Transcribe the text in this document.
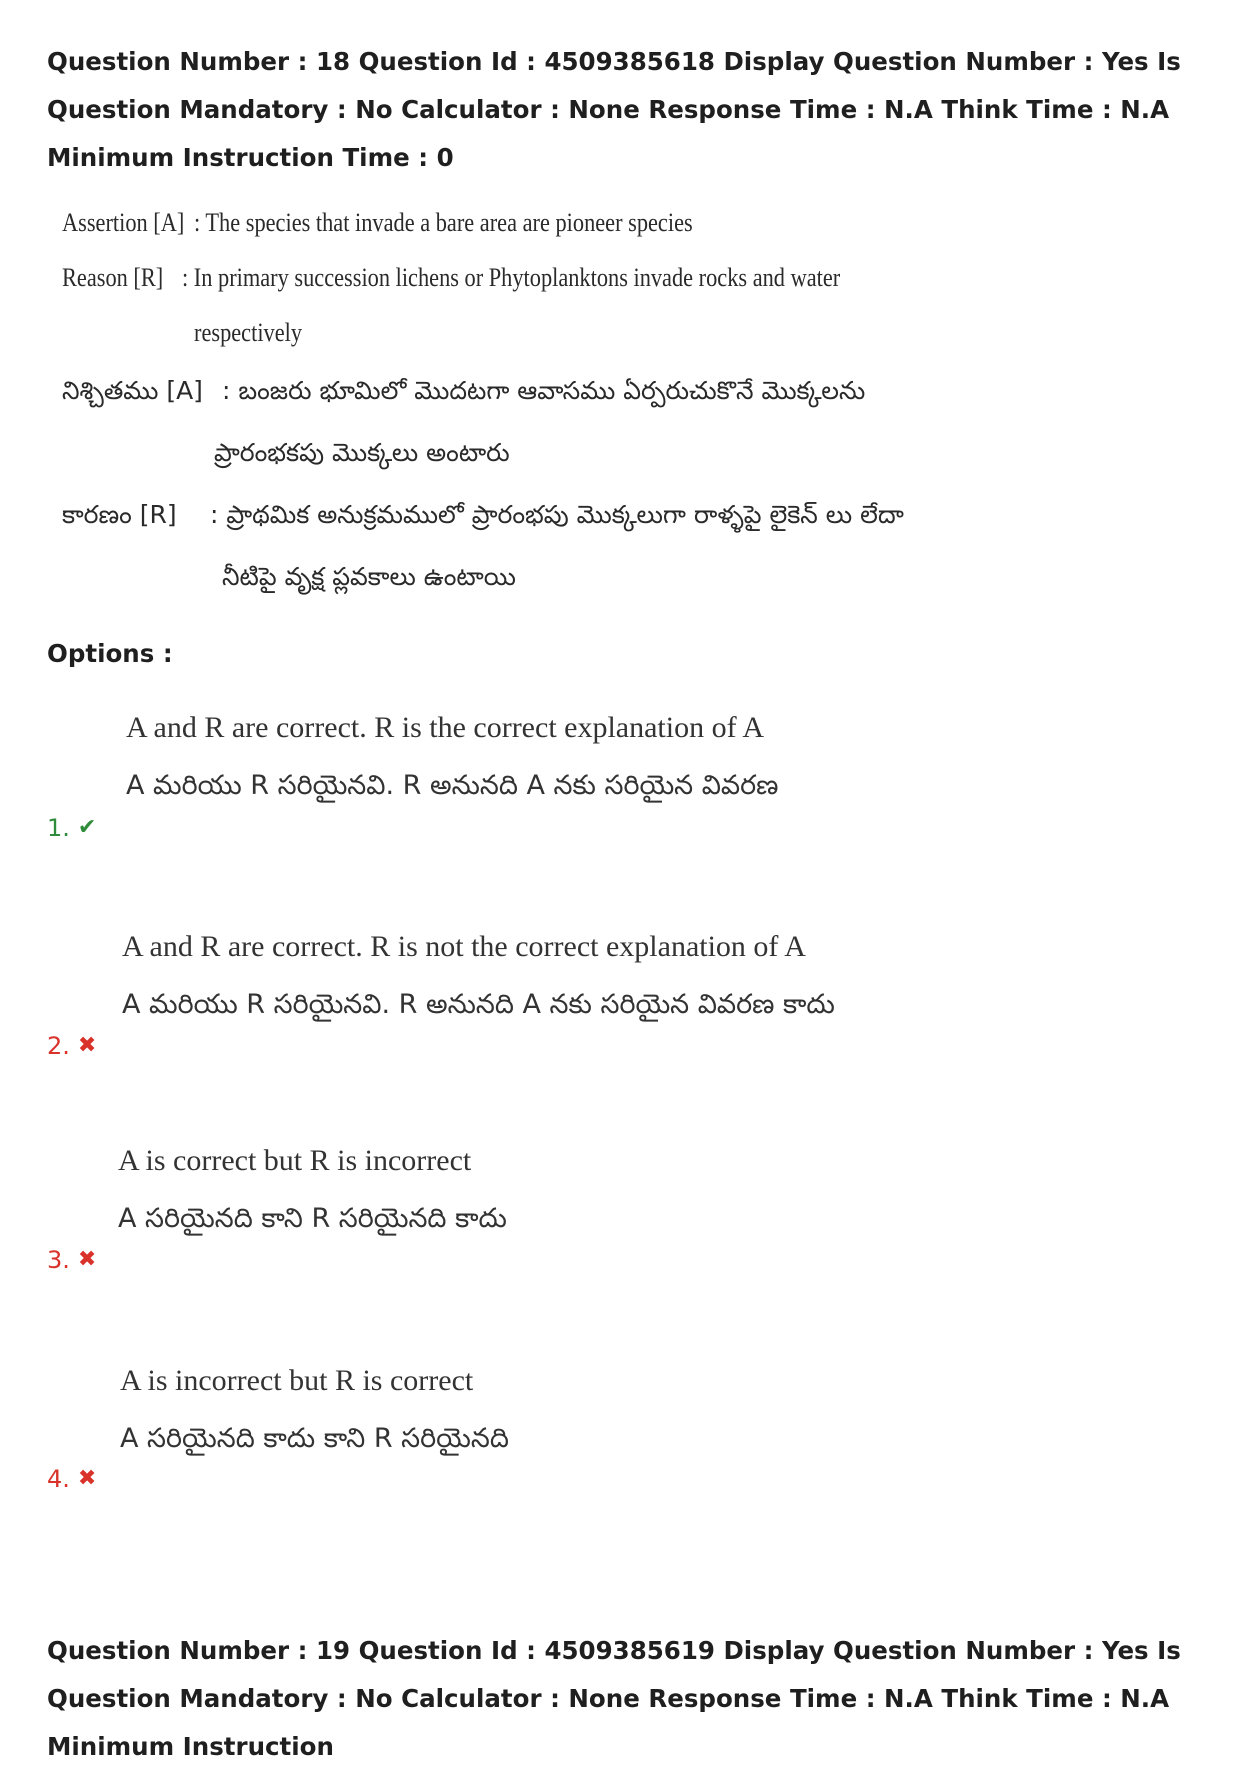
Question Number : 18 Question Id : 4509385618 Display Question Number : Yes Is Question Mandatory : No Calculator : None Response Time : N.A Think Time : N.A Minimum Instruction Time : 0

Assertion [A] : The species that invade a bare area are pioneer species
Reason [R] : In primary succession lichens or Phytoplanktons invade rocks and water
respectively
నిశ్చితము [A] : బంజరు భూమిలో మొదటగా ఆవాసము ఏర్పరుచుకొనే మొక్కలను
ప్రారంభకపు మొక్కలు అంటారు
కారణం [R] : ప్రాథమిక అనుక్రమములో ప్రారంభపు మొక్కలుగా రాళ్ళపై లైకెన్ లు లేదా
నీటిపై వృక్ష ప్లవకాలు ఉంటాయి
Options :
A and R are correct. R is the correct explanation of A
A మరియు R సరియైనవి. R అనునది A నకు సరియైన వివరణ
1. ✔
A and R are correct. R is not the correct explanation of A
A మరియు R సరియైనవి. R అనునది A నకు సరియైన వివరణ కాదు
2. ✖
A is correct but R is incorrect
A సరియైనది కాని R సరియైనది కాదు
3. ✖
A is incorrect but R is correct
A సరియైనది కాదు కాని R సరియైనది
4. ✖

Question Number : 19 Question Id : 4509385619 Display Question Number : Yes Is Question Mandatory : No Calculator : None Response Time : N.A Think Time : N.A Minimum Instruction
